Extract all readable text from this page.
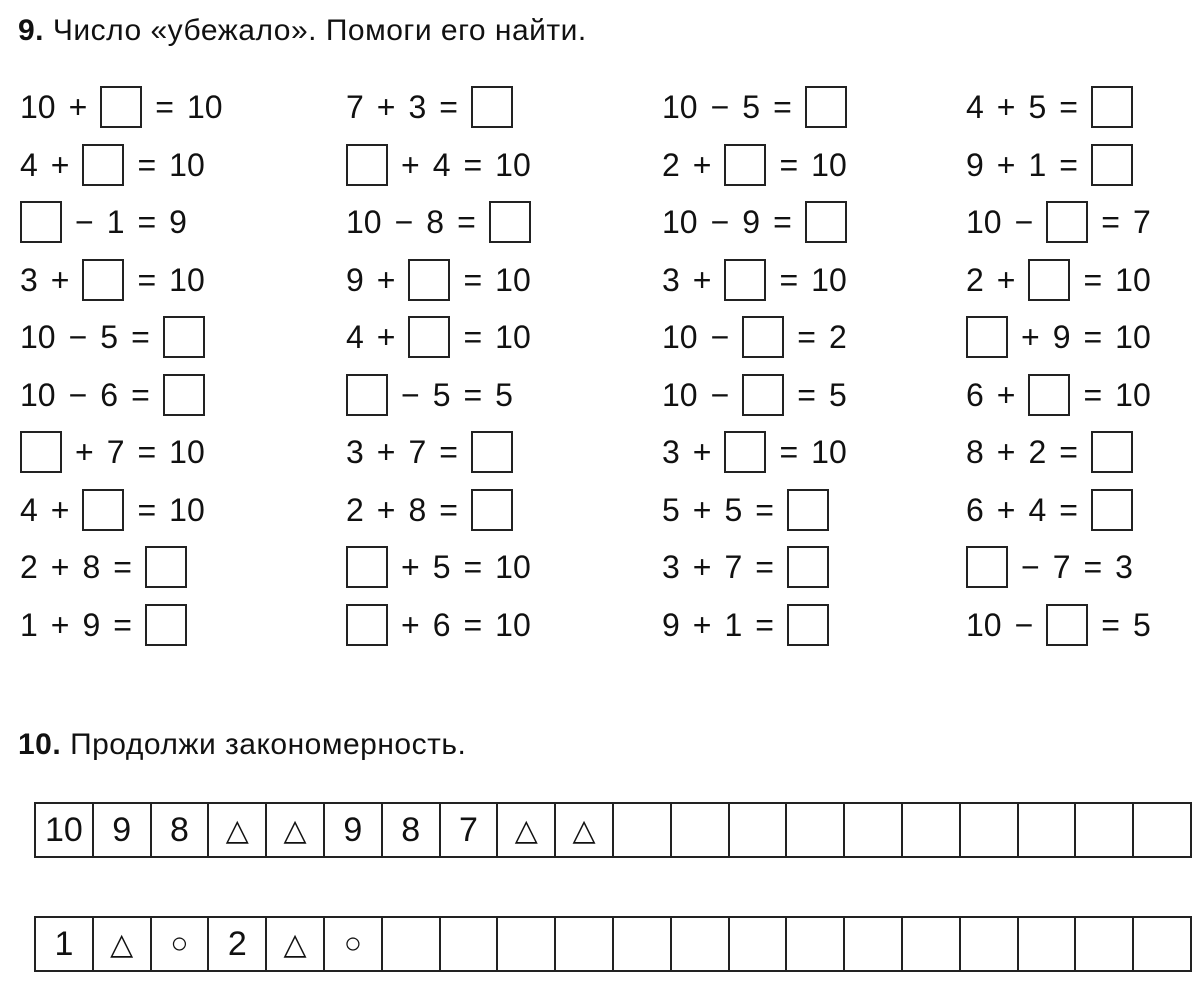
9. Число «убежало». Помоги его найти.
10 + = 10
4 + = 10
− 1 = 9
3 + = 10
10 − 5 =
10 − 6 =
+ 7 = 10
4 + = 10
2 + 8 =
1 + 9 =
7 + 3 =
+ 4 = 10
10 − 8 =
9 + = 10
4 + = 10
− 5 = 5
3 + 7 =
2 + 8 =
+ 5 = 10
+ 6 = 10
10 − 5 =
2 + = 10
10 − 9 =
3 + = 10
10 − = 2
10 − = 5
3 + = 10
5 + 5 =
3 + 7 =
9 + 1 =
4 + 5 =
9 + 1 =
10 − = 7
2 + = 10
+ 9 = 10
6 + = 10
8 + 2 =
6 + 4 =
− 7 = 3
10 − = 5
10. Продолжи закономерность.
10 9 8 △ △ 9 8 7 △ △
1 △ ○ 2 △ ○
